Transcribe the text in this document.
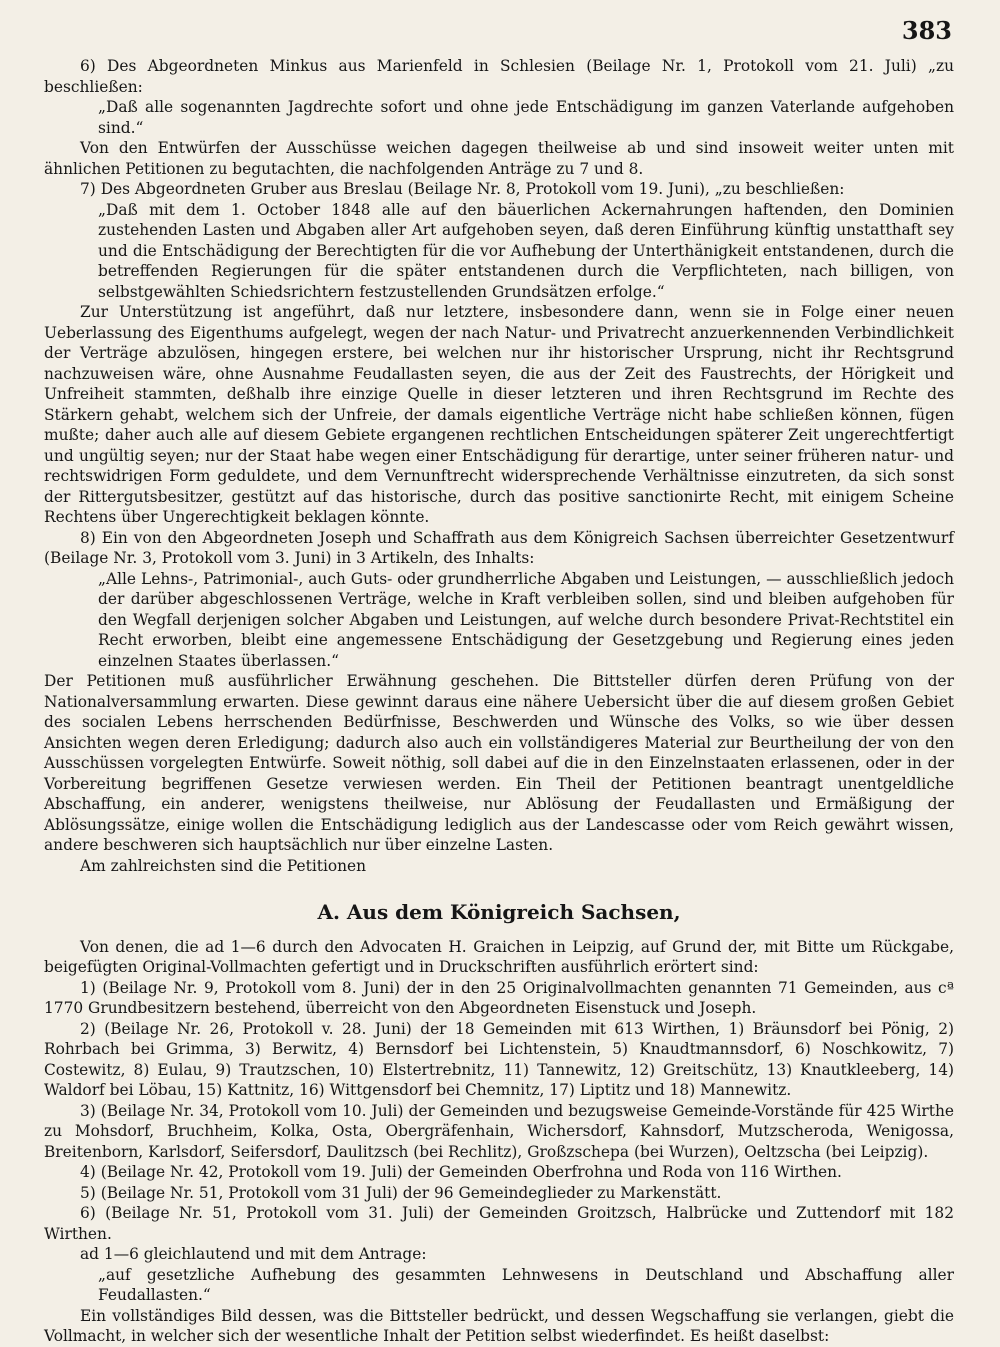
383

6) Des Abgeordneten Minkus aus Marienfeld in Schlesien (Beilage Nr. 1, Protokoll vom 21. Juli) „zu beschließen:

„Daß alle sogenannten Jagdrechte sofort und ohne jede Entschädigung im ganzen Vaterlande aufgehoben sind.“

Von den Entwürfen der Ausschüsse weichen dagegen theilweise ab und sind insoweit weiter unten mit ähnlichen Petitionen zu begutachten, die nachfolgenden Anträge zu 7 und 8.

7) Des Abgeordneten Gruber aus Breslau (Beilage Nr. 8, Protokoll vom 19. Juni), „zu beschließen:

„Daß mit dem 1. October 1848 alle auf den bäuerlichen Ackernahrungen haftenden, den Dominien zustehenden Lasten und Abgaben aller Art aufgehoben seyen, daß deren Einführung künftig unstatthaft sey und die Entschädigung der Berechtigten für die vor Aufhebung der Unterthänigkeit entstandenen, durch die betreffenden Regierungen für die später entstandenen durch die Verpflichteten, nach billigen, von selbstgewählten Schiedsrichtern festzustellenden Grundsätzen erfolge.“

Zur Unterstützung ist angeführt, daß nur letztere, insbesondere dann, wenn sie in Folge einer neuen Ueberlassung des Eigenthums aufgelegt, wegen der nach Natur- und Privatrecht anzuerkennenden Verbindlichkeit der Verträge abzulösen, hingegen erstere, bei welchen nur ihr historischer Ursprung, nicht ihr Rechtsgrund nachzuweisen wäre, ohne Ausnahme Feudallasten seyen, die aus der Zeit des Faustrechts, der Hörigkeit und Unfreiheit stammten, deßhalb ihre einzige Quelle in dieser letzteren und ihren Rechtsgrund im Rechte des Stärkern gehabt, welchem sich der Unfreie, der damals eigentliche Verträge nicht habe schließen können, fügen mußte; daher auch alle auf diesem Gebiete ergangenen rechtlichen Entscheidungen späterer Zeit ungerechtfertigt und ungültig seyen; nur der Staat habe wegen einer Entschädigung für derartige, unter seiner früheren natur- und rechtswidrigen Form geduldete, und dem Vernunftrecht widersprechende Verhältnisse einzutreten, da sich sonst der Rittergutsbesitzer, gestützt auf das historische, durch das positive sanctionirte Recht, mit einigem Scheine Rechtens über Ungerechtigkeit beklagen könnte.

8) Ein von den Abgeordneten Joseph und Schaffrath aus dem Königreich Sachsen überreichter Gesetzentwurf (Beilage Nr. 3, Protokoll vom 3. Juni) in 3 Artikeln, des Inhalts:

„Alle Lehns-, Patrimonial-, auch Guts- oder grundherrliche Abgaben und Leistungen, — ausschließlich jedoch der darüber abgeschlossenen Verträge, welche in Kraft verbleiben sollen, sind und bleiben aufgehoben für den Wegfall derjenigen solcher Abgaben und Leistungen, auf welche durch besondere Privat-Rechtstitel ein Recht erworben, bleibt eine angemessene Entschädigung der Gesetzgebung und Regierung eines jeden einzelnen Staates überlassen.“

Der Petitionen muß ausführlicher Erwähnung geschehen. Die Bittsteller dürfen deren Prüfung von der Nationalversammlung erwarten. Diese gewinnt daraus eine nähere Uebersicht über die auf diesem großen Gebiet des socialen Lebens herrschenden Bedürfnisse, Beschwerden und Wünsche des Volks, so wie über dessen Ansichten wegen deren Erledigung; dadurch also auch ein vollständigeres Material zur Beurtheilung der von den Ausschüssen vorgelegten Entwürfe. Soweit nöthig, soll dabei auf die in den Einzelnstaaten erlassenen, oder in der Vorbereitung begriffenen Gesetze verwiesen werden. Ein Theil der Petitionen beantragt unentgeldliche Abschaffung, ein anderer, wenigstens theilweise, nur Ablösung der Feudallasten und Ermäßigung der Ablösungssätze, einige wollen die Entschädigung lediglich aus der Landescasse oder vom Reich gewährt wissen, andere beschweren sich hauptsächlich nur über einzelne Lasten.

Am zahlreichsten sind die Petitionen

A. Aus dem Königreich Sachsen,

Von denen, die ad 1—6 durch den Advocaten H. Graichen in Leipzig, auf Grund der, mit Bitte um Rückgabe, beigefügten Original-Vollmachten gefertigt und in Druckschriften ausführlich erörtert sind:

1) (Beilage Nr. 9, Protokoll vom 8. Juni) der in den 25 Originalvollmachten genannten 71 Gemeinden, aus cª 1770 Grundbesitzern bestehend, überreicht von den Abgeordneten Eisenstuck und Joseph.

2) (Beilage Nr. 26, Protokoll v. 28. Juni) der 18 Gemeinden mit 613 Wirthen, 1) Bräunsdorf bei Pönig, 2) Rohrbach bei Grimma, 3) Berwitz, 4) Bernsdorf bei Lichtenstein, 5) Knaudtmannsdorf, 6) Noschkowitz, 7) Costewitz, 8) Eulau, 9) Trautzschen, 10) Elstertrebnitz, 11) Tannewitz, 12) Greitschütz, 13) Knautkleeberg, 14) Waldorf bei Löbau, 15) Kattnitz, 16) Wittgensdorf bei Chemnitz, 17) Liptitz und 18) Mannewitz.

3) (Beilage Nr. 34, Protokoll vom 10. Juli) der Gemeinden und bezugsweise Gemeinde-Vorstände für 425 Wirthe zu Mohsdorf, Bruchheim, Kolka, Osta, Obergräfenhain, Wichersdorf, Kahnsdorf, Mutzscheroda, Wenigossa, Breitenborn, Karlsdorf, Seifersdorf, Daulitzsch (bei Rechlitz), Großzschepa (bei Wurzen), Oeltzscha (bei Leipzig).

4) (Beilage Nr. 42, Protokoll vom 19. Juli) der Gemeinden Oberfrohna und Roda von 116 Wirthen.

5) (Beilage Nr. 51, Protokoll vom 31 Juli) der 96 Gemeindeglieder zu Markenstätt.

6) (Beilage Nr. 51, Protokoll vom 31. Juli) der Gemeinden Groitzsch, Halbrücke und Zuttendorf mit 182 Wirthen.

ad 1—6 gleichlautend und mit dem Antrage:

„auf gesetzliche Aufhebung des gesammten Lehnwesens in Deutschland und Abschaffung aller Feudallasten.“

Ein vollständiges Bild dessen, was die Bittsteller bedrückt, und dessen Wegschaffung sie verlangen, giebt die Vollmacht, in welcher sich der wesentliche Inhalt der Petition selbst wiederfindet. Es heißt daselbst:
